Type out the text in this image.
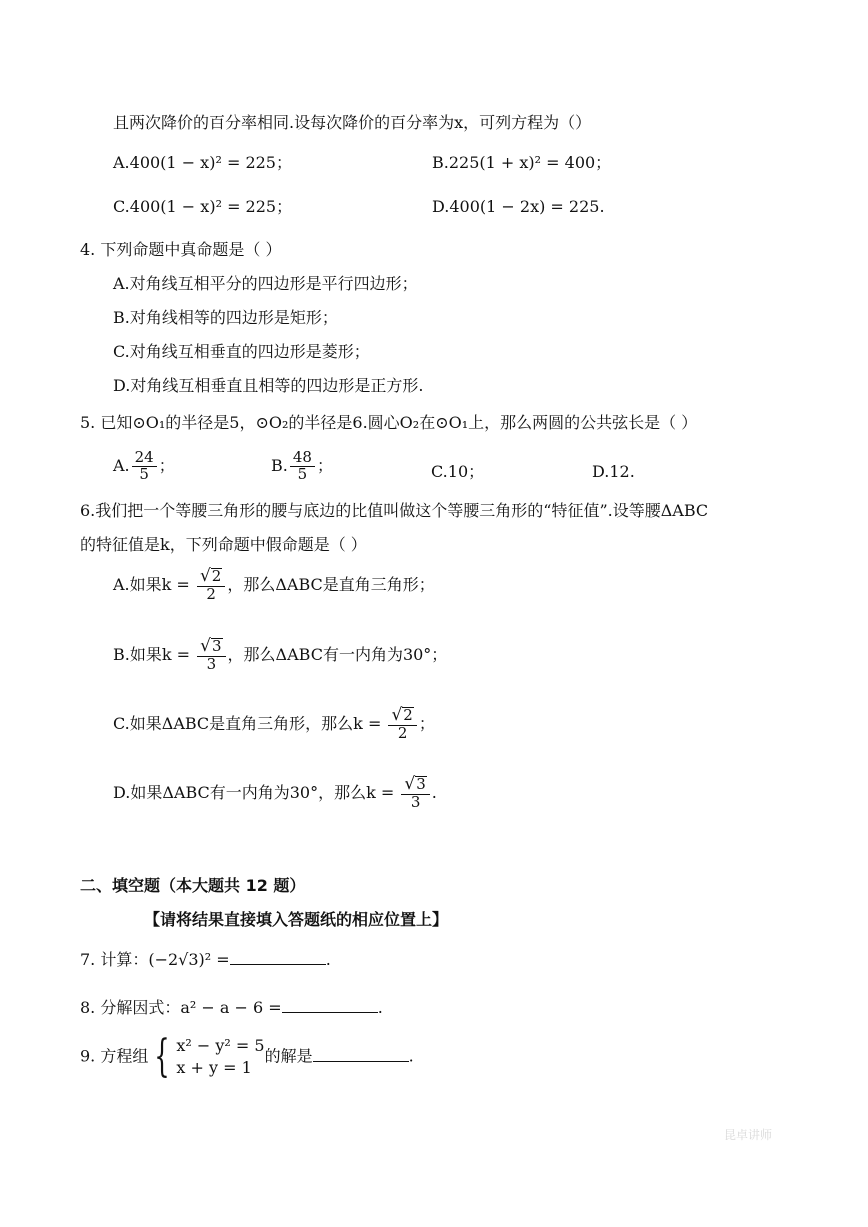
且两次降价的百分率相同.设每次降价的百分率为x，可列方程为（）
A.400(1 − x)² = 225；	B.225(1 + x)² = 400；
C.400(1 − x)² = 225；	D.400(1 − 2x) = 225.
4. 下列命题中真命题是（ ）
A.对角线互相平分的四边形是平行四边形；
B.对角线相等的四边形是矩形；
C.对角线互相垂直的四边形是菱形；
D.对角线互相垂直且相等的四边形是正方形.
5. 已知⊙O₁的半径是5，⊙O₂的半径是6.圆心O₂在⊙O₁上，那么两圆的公共弦长是（ ）
A. $\frac{24}{5}$ ；	B. $\frac{48}{5}$ ；	C.10；	D.12.
6.我们把一个等腰三角形的腰与底边的比值叫做这个等腰三角形的“特征值”.设等腰ΔABC
的特征值是k，下列命题中假命题是（ ）
A.如果$k = \frac{√ 2}{2}$ ，那么ΔABC是直角三角形；
B.如果$k = \frac{√ 3}{3}$ ，那么ΔABC有一内角为30°；
C.如果ΔABC是直角三角形，那么$k = \frac{√ 2}{2}$ ；
D.如果ΔABC有一内角为30°，那么$k = \frac{√ 3}{3}$ .
二、填空题（本大题共 12 题）
【请将结果直接填入答题纸的相应位置上】
7. 计算：(−2√3)² =	.
8. 分解因式：a² − a − 6 =	.
9. 方程组 { x² − y² = 5
x + y = 1
的解是	.
昆卓讲师
